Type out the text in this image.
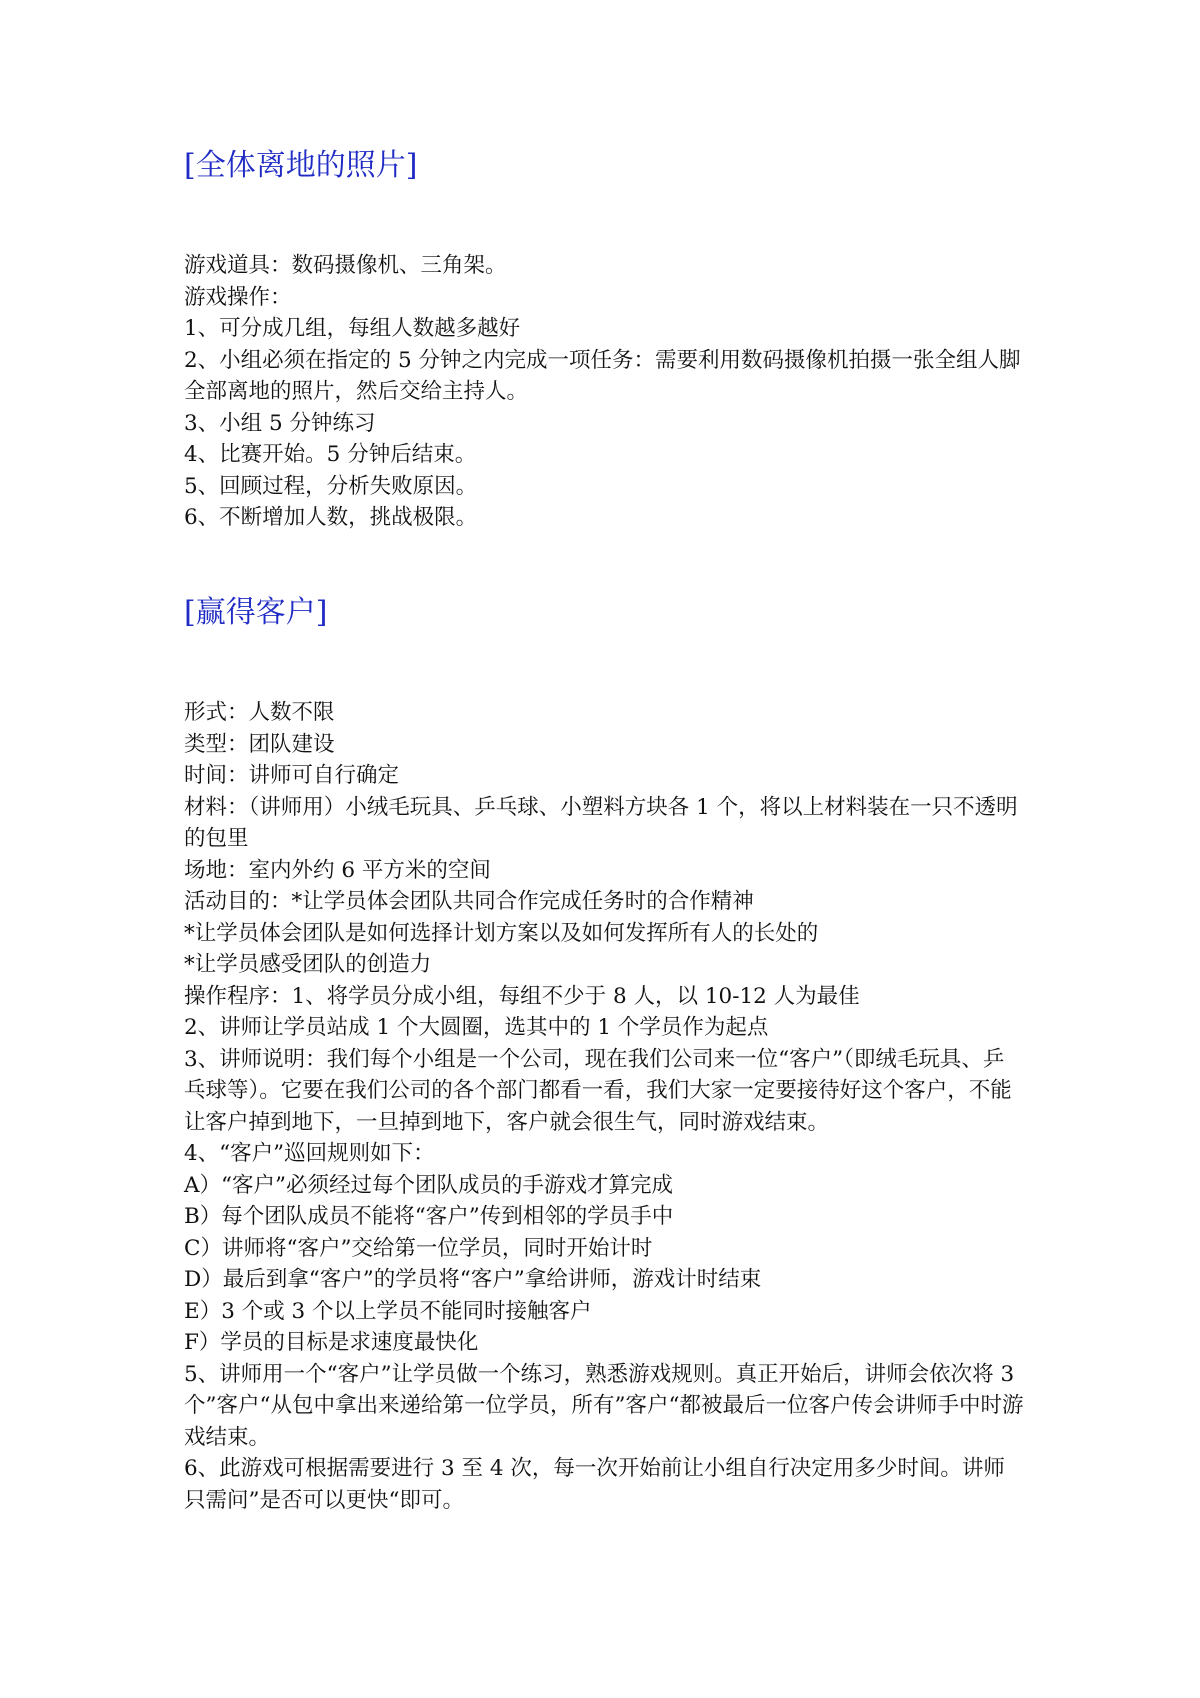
[全体离地的照片]

游戏道具：数码摄像机、三角架。

游戏操作：

1、可分成几组，每组人数越多越好

2、小组必须在指定的 5 分钟之内完成一项任务：需要利用数码摄像机拍摄一张全组人脚全部离地的照片，然后交给主持人。

3、小组 5 分钟练习

4、比赛开始。5 分钟后结束。

5、回顾过程，分析失败原因。

6、不断增加人数，挑战极限。

[赢得客户]

形式：人数不限

类型：团队建设

时间：讲师可自行确定

材料：（讲师用）小绒毛玩具、乒乓球、小塑料方块各 1 个，将以上材料装在一只不透明的包里

场地：室内外约 6 平方米的空间

活动目的：*让学员体会团队共同合作完成任务时的合作精神

*让学员体会团队是如何选择计划方案以及如何发挥所有人的长处的

*让学员感受团队的创造力

操作程序：1、将学员分成小组，每组不少于 8 人，以 10-12 人为最佳

2、讲师让学员站成 1 个大圆圈，选其中的 1 个学员作为起点

3、讲师说明：我们每个小组是一个公司，现在我们公司来一位“客户”（即绒毛玩具、乒乓球等）。它要在我们公司的各个部门都看一看，我们大家一定要接待好这个客户，不能让客户掉到地下，一旦掉到地下，客户就会很生气，同时游戏结束。

4、“客户”巡回规则如下：

A）“客户”必须经过每个团队成员的手游戏才算完成

B）每个团队成员不能将“客户”传到相邻的学员手中

C）讲师将“客户”交给第一位学员，同时开始计时

D）最后到拿“客户”的学员将“客户”拿给讲师，游戏计时结束

E）3 个或 3 个以上学员不能同时接触客户

F）学员的目标是求速度最快化

5、讲师用一个“客户”让学员做一个练习，熟悉游戏规则。真正开始后，讲师会依次将 3 个”客户“从包中拿出来递给第一位学员，所有”客户“都被最后一位客户传会讲师手中时游戏结束。

6、此游戏可根据需要进行 3 至 4 次，每一次开始前让小组自行决定用多少时间。讲师只需问”是否可以更快“即可。
